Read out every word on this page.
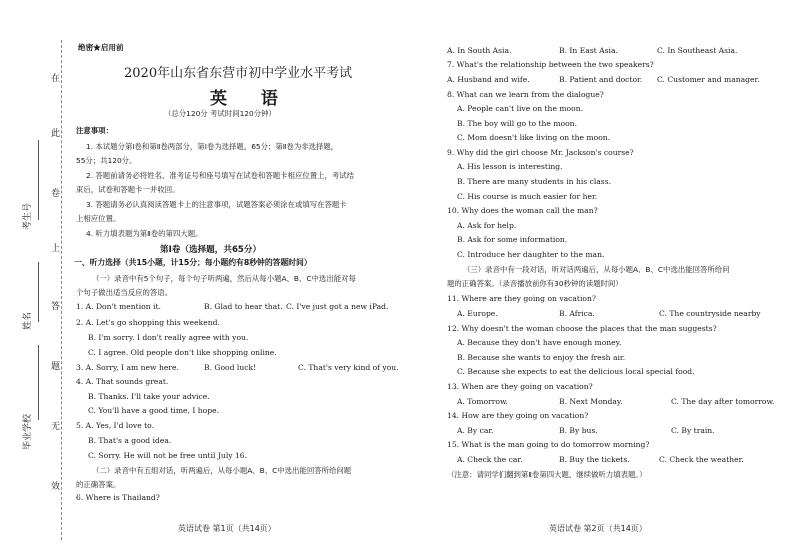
在
此
卷
上
答
题
无
效
考生号
姓名
毕业学校
绝密★启用前
2020年山东省东营市初中学业水平考试
英 语
（总分120分 考试时间120分钟）
注意事项：
1. 本试题分第Ⅰ卷和第Ⅱ卷两部分，第Ⅰ卷为选择题，65分；第Ⅱ卷为非选择题，
55分；共120分。
2. 答题前请务必将姓名、准考证号和座号填写在试卷和答题卡相应位置上，考试结
束后，试卷和答题卡一并收回。
3. 答题请务必认真阅读答题卡上的注意事项，试题答案必须涂在或填写在答题卡
上相应位置。
4. 听力填表题为第Ⅱ卷的第四大题。
第Ⅰ卷（选择题，共65分）
一、听力选择（共15小题，计15分；每小题约有8秒钟的答题时间）
（一）录音中有5个句子，每个句子听两遍，然后从每小题A、B、C中选出能对每
个句子做出适当反应的答语。
1. A. Don't mention it.	B. Glad to hear that. C. I've just got a new iPad.
2. A. Let's go shopping this weekend.
B. I'm sorry. I don't really agree with you.
C. I agree. Old people don't like shopping online.
3. A. Sorry, I am new here.	B. Good luck!	C. That's very kind of you.
4. A. That sounds great.
B. Thanks. I'll take your advice.
C. You'll have a good time, I hope.
5. A. Yes, I'd love to.
B. That's a good idea.
C. Sorry. He will not be free until July 16.
（二）录音中有五组对话，听两遍后，从每小题A、B、C中选出能回答所给问题
的正确答案。
6. Where is Thailand?
英语试卷 第1页（共14页）
A. In South Asia.	B. In East Asia.	C. In Southeast Asia.
7. What's the relationship between the two speakers?
A. Husband and wife.	B. Patient and doctor. C. Customer and manager.
8. What can we learn from the dialogue?
A. People can't live on the moon.
B. The boy will go to the moon.
C. Mom doesn't like living on the moon.
9. Why did the girl choose Mr. Jackson's course?
A. His lesson is interesting.
B. There are many students in his class.
C. His course is much easier for her.
10. Why does the woman call the man?
A. Ask for help.
B. Ask for some information.
C. Introduce her daughter to the man.
（三）录音中有一段对话，听对话两遍后，从每小题A、B、C中选出能回答所给问
题的正确答案。（录音播放前你有30秒钟的读题时间）
11. Where are they going on vacation?
A. Europe.	B. Africa.	C. The countryside nearby
12. Why doesn't the woman choose the places that the man suggests?
A. Because they don't have enough money.
B. Because she wants to enjoy the fresh air.
C. Because she expects to eat the delicious local special food.
13. When are they going on vacation?
A. Tomorrow.	B. Next Monday.	C. The day after tomorrow.
14. How are they going on vacation?
A. By car.	B. By bus.	C. By train.
15. What is the man going to do tomorrow morning?
A. Check the car.	B. Buy the tickets.	C. Check the weather.
（注意：请同学们翻到第Ⅱ卷第四大题，继续做听力填表题。）
英语试卷 第2页（共14页）
